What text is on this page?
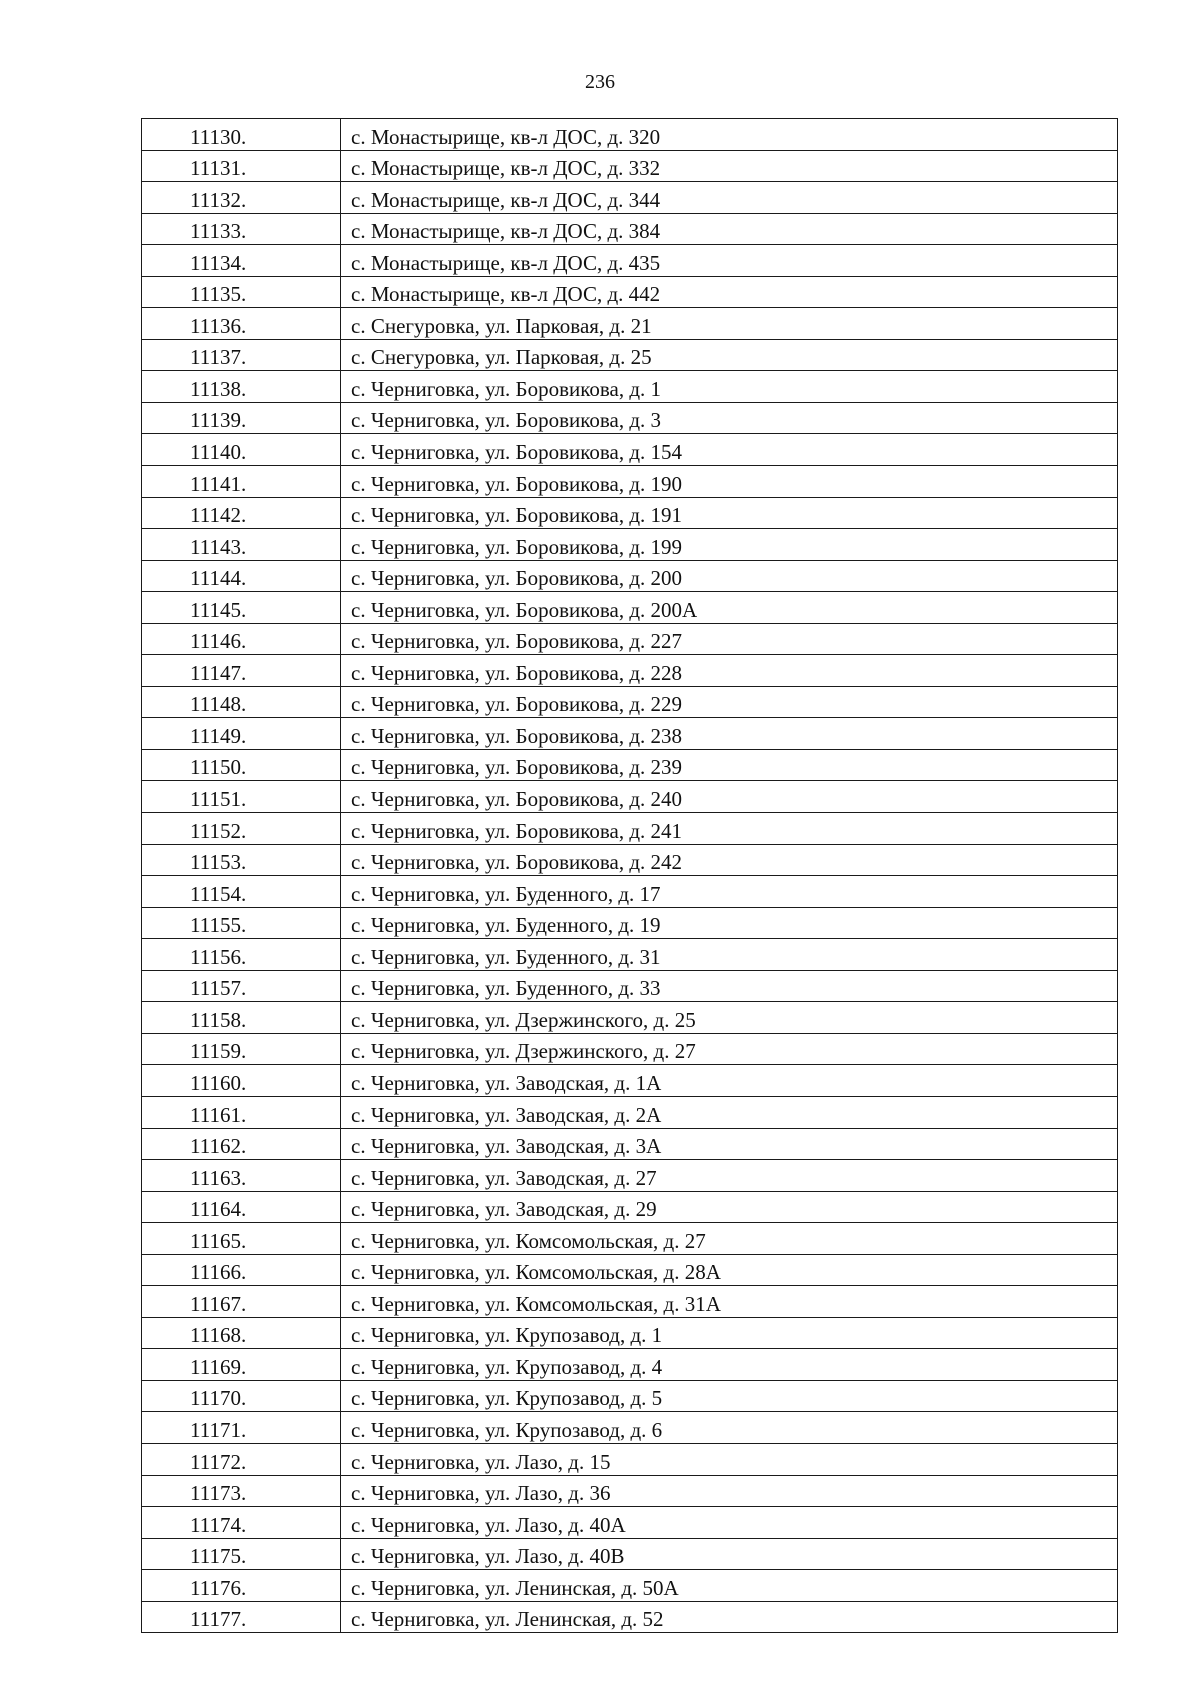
236
11130.	с. Монастырище, кв-л ДОС, д. 320
11131.	с. Монастырище, кв-л ДОС, д. 332
11132.	с. Монастырище, кв-л ДОС, д. 344
11133.	с. Монастырище, кв-л ДОС, д. 384
11134.	с. Монастырище, кв-л ДОС, д. 435
11135.	с. Монастырище, кв-л ДОС, д. 442
11136.	с. Снегуровка, ул. Парковая, д. 21
11137.	с. Снегуровка, ул. Парковая, д. 25
11138.	с. Черниговка, ул. Боровикова, д. 1
11139.	с. Черниговка, ул. Боровикова, д. 3
11140.	с. Черниговка, ул. Боровикова, д. 154
11141.	с. Черниговка, ул. Боровикова, д. 190
11142.	с. Черниговка, ул. Боровикова, д. 191
11143.	с. Черниговка, ул. Боровикова, д. 199
11144.	с. Черниговка, ул. Боровикова, д. 200
11145.	с. Черниговка, ул. Боровикова, д. 200А
11146.	с. Черниговка, ул. Боровикова, д. 227
11147.	с. Черниговка, ул. Боровикова, д. 228
11148.	с. Черниговка, ул. Боровикова, д. 229
11149.	с. Черниговка, ул. Боровикова, д. 238
11150.	с. Черниговка, ул. Боровикова, д. 239
11151.	с. Черниговка, ул. Боровикова, д. 240
11152.	с. Черниговка, ул. Боровикова, д. 241
11153.	с. Черниговка, ул. Боровикова, д. 242
11154.	с. Черниговка, ул. Буденного, д. 17
11155.	с. Черниговка, ул. Буденного, д. 19
11156.	с. Черниговка, ул. Буденного, д. 31
11157.	с. Черниговка, ул. Буденного, д. 33
11158.	с. Черниговка, ул. Дзержинского, д. 25
11159.	с. Черниговка, ул. Дзержинского, д. 27
11160.	с. Черниговка, ул. Заводская, д. 1А
11161.	с. Черниговка, ул. Заводская, д. 2А
11162.	с. Черниговка, ул. Заводская, д. 3А
11163.	с. Черниговка, ул. Заводская, д. 27
11164.	с. Черниговка, ул. Заводская, д. 29
11165.	с. Черниговка, ул. Комсомольская, д. 27
11166.	с. Черниговка, ул. Комсомольская, д. 28А
11167.	с. Черниговка, ул. Комсомольская, д. 31А
11168.	с. Черниговка, ул. Крупозавод, д. 1
11169.	с. Черниговка, ул. Крупозавод, д. 4
11170.	с. Черниговка, ул. Крупозавод, д. 5
11171.	с. Черниговка, ул. Крупозавод, д. 6
11172.	с. Черниговка, ул. Лазо, д. 15
11173.	с. Черниговка, ул. Лазо, д. 36
11174.	с. Черниговка, ул. Лазо, д. 40А
11175.	с. Черниговка, ул. Лазо, д. 40В
11176.	с. Черниговка, ул. Ленинская, д. 50А
11177.	с. Черниговка, ул. Ленинская, д. 52
